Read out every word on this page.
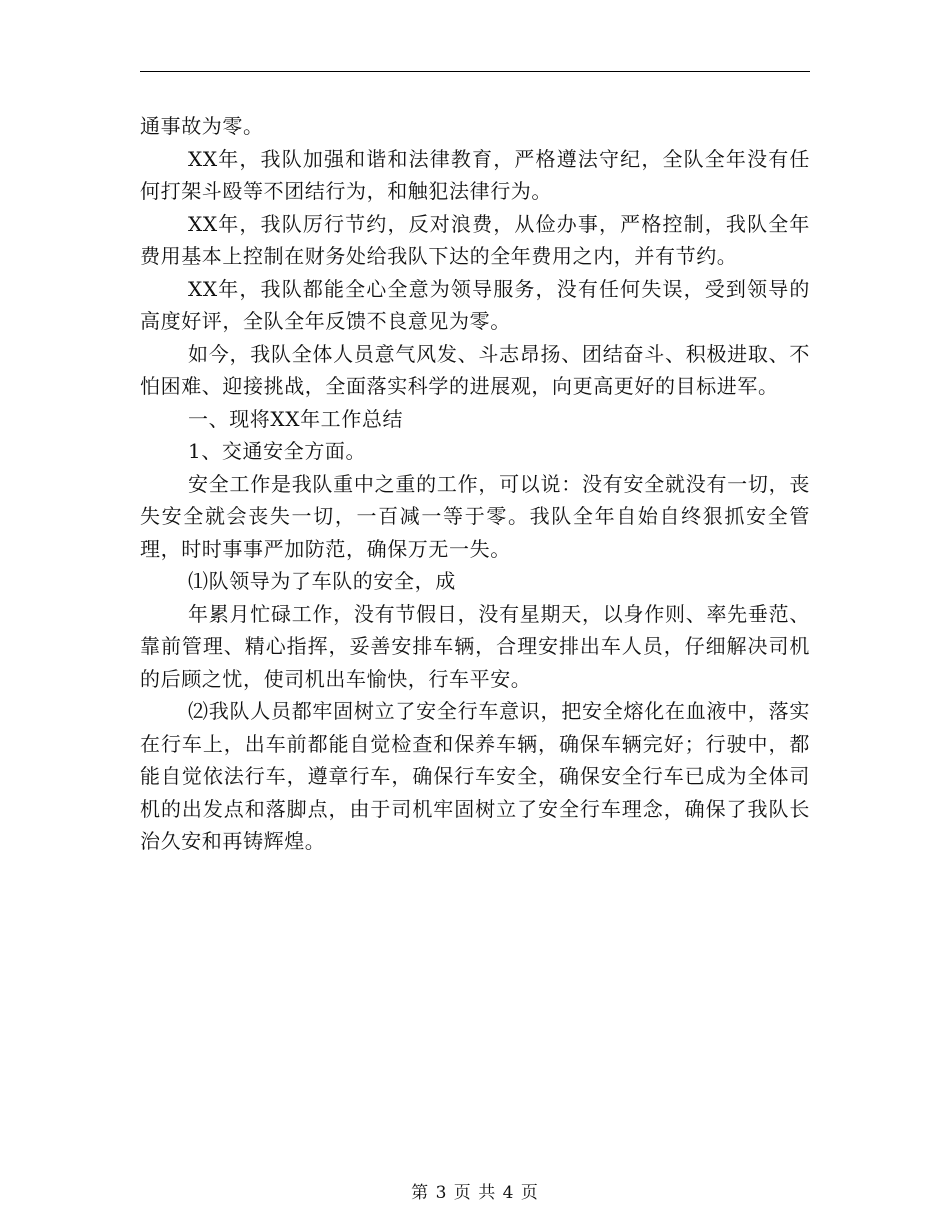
通事故为零。

XX年，我队加强和谐和法律教育，严格遵法守纪，全队全年没有任何打架斗殴等不团结行为，和触犯法律行为。

XX年，我队厉行节约，反对浪费，从俭办事，严格控制，我队全年费用基本上控制在财务处给我队下达的全年费用之内，并有节约。

XX年，我队都能全心全意为领导服务，没有任何失误，受到领导的高度好评，全队全年反馈不良意见为零。

如今，我队全体人员意气风发、斗志昂扬、团结奋斗、积极进取、不怕困难、迎接挑战，全面落实科学的进展观，向更高更好的目标进军。

一、现将XX年工作总结

1、交通安全方面。

安全工作是我队重中之重的工作，可以说：没有安全就没有一切，丧失安全就会丧失一切，一百减一等于零。我队全年自始自终狠抓安全管理，时时事事严加防范，确保万无一失。

⑴队领导为了车队的安全，成

年累月忙碌工作，没有节假日，没有星期天，以身作则、率先垂范、靠前管理、精心指挥，妥善安排车辆，合理安排出车人员，仔细解决司机的后顾之忧，使司机出车愉快，行车平安。

⑵我队人员都牢固树立了安全行车意识，把安全熔化在血液中，落实在行车上，出车前都能自觉检查和保养车辆，确保车辆完好；行驶中，都能自觉依法行车，遵章行车，确保行车安全，确保安全行车已成为全体司机的出发点和落脚点，由于司机牢固树立了安全行车理念，确保了我队长治久安和再铸辉煌。

第 3 页 共 4 页
